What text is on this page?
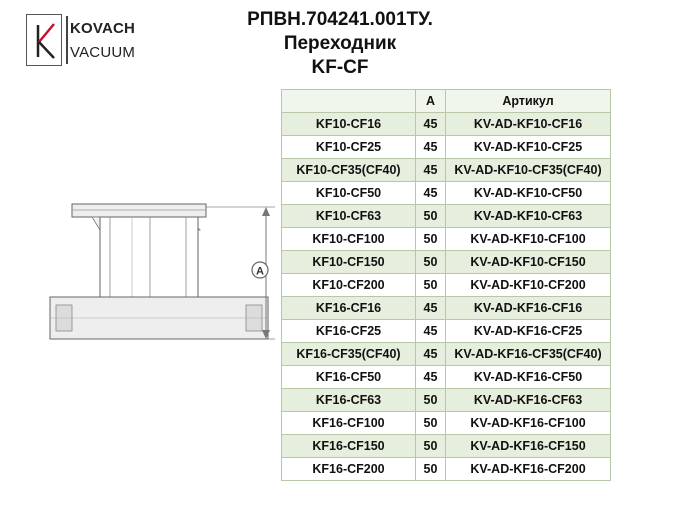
KOVACH
VACUUM
РПВН.704241.001ТУ.
Переходник
KF-CF
A
	A	Артикул
KF10-CF16	45	KV-AD-KF10-CF16
KF10-CF25	45	KV-AD-KF10-CF25
KF10-CF35(CF40)	45	KV-AD-KF10-CF35(CF40)
KF10-CF50	45	KV-AD-KF10-CF50
KF10-CF63	50	KV-AD-KF10-CF63
KF10-CF100	50	KV-AD-KF10-CF100
KF10-CF150	50	KV-AD-KF10-CF150
KF10-CF200	50	KV-AD-KF10-CF200
KF16-CF16	45	KV-AD-KF16-CF16
KF16-CF25	45	KV-AD-KF16-CF25
KF16-CF35(CF40)	45	KV-AD-KF16-CF35(CF40)
KF16-CF50	45	KV-AD-KF16-CF50
KF16-CF63	50	KV-AD-KF16-CF63
KF16-CF100	50	KV-AD-KF16-CF100
KF16-CF150	50	KV-AD-KF16-CF150
KF16-CF200	50	KV-AD-KF16-CF200
